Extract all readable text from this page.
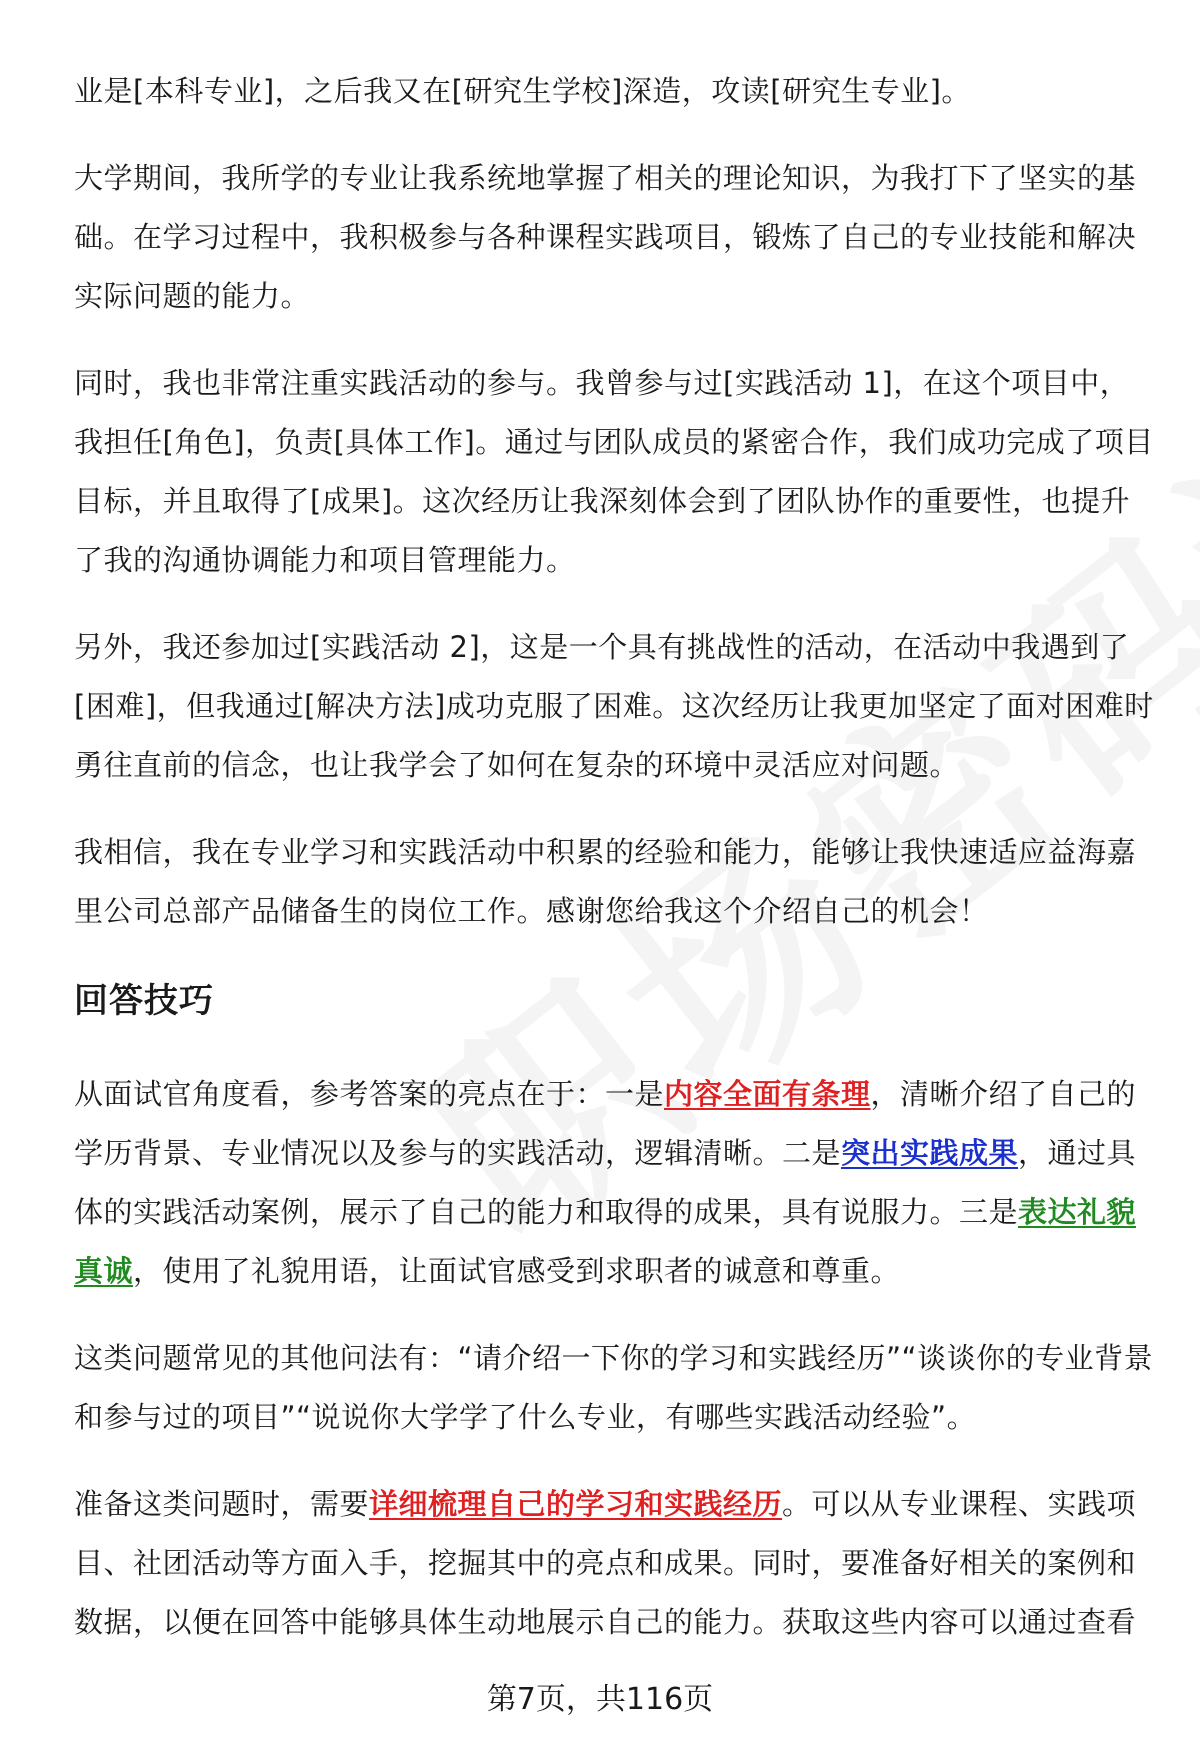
业是[本科专业]，之后我又在[研究生学校]深造，攻读[研究生专业]。

大学期间，我所学的专业让我系统地掌握了相关的理论知识，为我打下了坚实的基础。在学习过程中，我积极参与各种课程实践项目，锻炼了自己的专业技能和解决实际问题的能力。

同时，我也非常注重实践活动的参与。我曾参与过[实践活动 1]，在这个项目中，我担任[角色]，负责[具体工作]。通过与团队成员的紧密合作，我们成功完成了项目目标，并且取得了[成果]。这次经历让我深刻体会到了团队协作的重要性，也提升了我的沟通协调能力和项目管理能力。

另外，我还参加过[实践活动 2]，这是一个具有挑战性的活动，在活动中我遇到了[困难]，但我通过[解决方法]成功克服了困难。这次经历让我更加坚定了面对困难时勇往直前的信念，也让我学会了如何在复杂的环境中灵活应对问题。

我相信，我在专业学习和实践活动中积累的经验和能力，能够让我快速适应益海嘉里公司总部产品储备生的岗位工作。感谢您给我这个介绍自己的机会！

回答技巧

从面试官角度看，参考答案的亮点在于：一是内容全面有条理，清晰介绍了自己的学历背景、专业情况以及参与的实践活动，逻辑清晰。二是突出实践成果，通过具体的实践活动案例，展示了自己的能力和取得的成果，具有说服力。三是表达礼貌真诚，使用了礼貌用语，让面试官感受到求职者的诚意和尊重。

这类问题常见的其他问法有：“请介绍一下你的学习和实践经历”“谈谈你的专业背景和参与过的项目”“说说你大学学了什么专业，有哪些实践活动经验”。

准备这类问题时，需要详细梳理自己的学习和实践经历。可以从专业课程、实践项目、社团活动等方面入手，挖掘其中的亮点和成果。同时，要准备好相关的案例和数据，以便在回答中能够具体生动地展示自己的能力。获取这些内容可以通过查看

第7页，共116页
